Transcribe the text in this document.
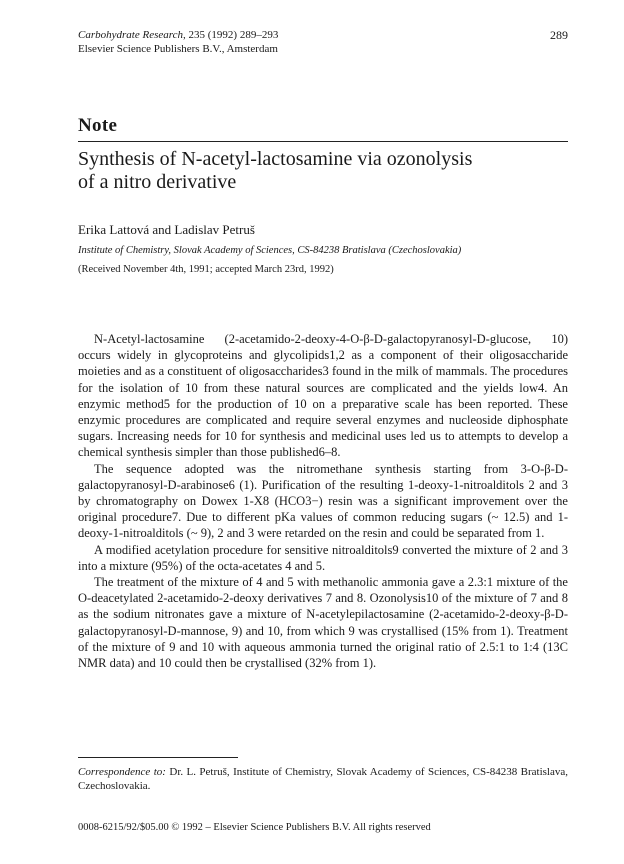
Carbohydrate Research, 235 (1992) 289–293
Elsevier Science Publishers B.V., Amsterdam
289
Note
Synthesis of N-acetyl-lactosamine via ozonolysis
of a nitro derivative
Erika Lattová and Ladislav Petruš
Institute of Chemistry, Slovak Academy of Sciences, CS-84238 Bratislava (Czechoslovakia)
(Received November 4th, 1991; accepted March 23rd, 1992)

N-Acetyl-lactosamine (2-acetamido-2-deoxy-4-O-β-D-galactopyranosyl-D-glucose, 10) occurs widely in glycoproteins and glycolipids1,2 as a component of their oligosaccharide moieties and as a constituent of oligosaccharides3 found in the milk of mammals. The procedures for the isolation of 10 from these natural sources are complicated and the yields low4. An enzymic method5 for the production of 10 on a preparative scale has been reported. These enzymic procedures are complicated and require several enzymes and nucleoside diphosphate sugars. Increasing needs for 10 for synthesis and medicinal uses led us to attempts to develop a chemical synthesis simpler than those published6–8.

The sequence adopted was the nitromethane synthesis starting from 3-O-β-D-galactopyranosyl-D-arabinose6 (1). Purification of the resulting 1-deoxy-1-nitroalditols 2 and 3 by chromatography on Dowex 1-X8 (HCO3−) resin was a significant improvement over the original procedure7. Due to different pKa values of common reducing sugars (~ 12.5) and 1-deoxy-1-nitroalditols (~ 9), 2 and 3 were retarded on the resin and could be separated from 1.

A modified acetylation procedure for sensitive nitroalditols9 converted the mixture of 2 and 3 into a mixture (95%) of the octa-acetates 4 and 5.

The treatment of the mixture of 4 and 5 with methanolic ammonia gave a 2.3:1 mixture of the O-deacetylated 2-acetamido-2-deoxy derivatives 7 and 8. Ozonolysis10 of the mixture of 7 and 8 as the sodium nitronates gave a mixture of N-acetylepilactosamine (2-acetamido-2-deoxy-β-D-galactopyranosyl-D-mannose, 9) and 10, from which 9 was crystallised (15% from 1). Treatment of the mixture of 9 and 10 with aqueous ammonia turned the original ratio of 2.5:1 to 1:4 (13C NMR data) and 10 could then be crystallised (32% from 1).

Correspondence to: Dr. L. Petruš, Institute of Chemistry, Slovak Academy of Sciences, CS-84238 Bratislava, Czechoslovakia.
0008-6215/92/$05.00 © 1992 – Elsevier Science Publishers B.V. All rights reserved
